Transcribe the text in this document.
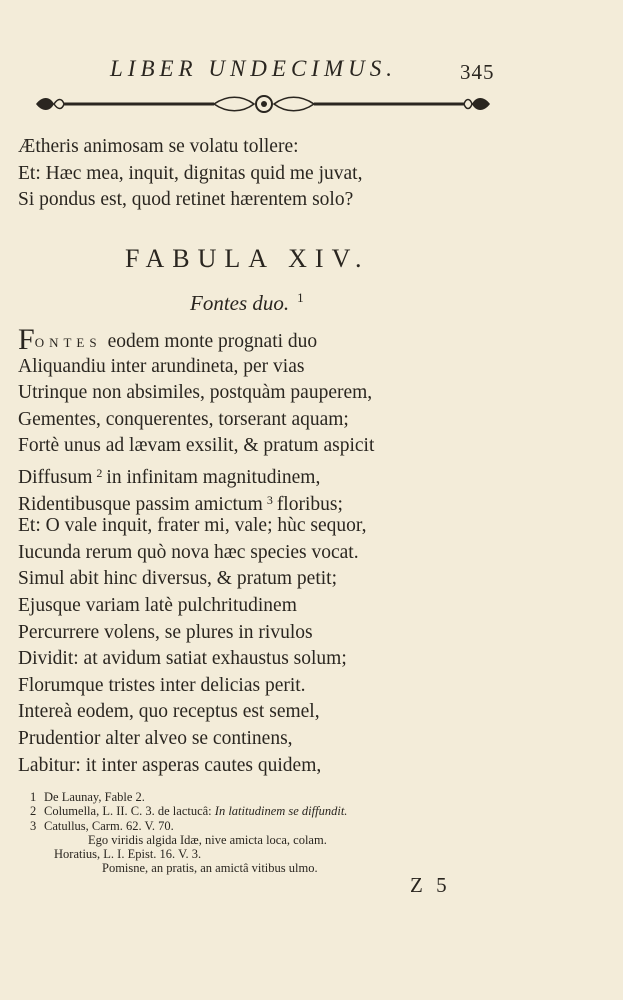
LIBER UNDECIMUS.	345
Ætheris animosam se volatu tollere:
Et: Hæc mea, inquit, dignitas quid me juvat,
Si pondus est, quod retinet hærentem solo?
FABULA XIV.
Fontes duo. $^1$
FONTES eodem monte prognati duo
Aliquandiu inter arundineta, per vias
Utrinque non absimiles, postquàm pauperem,
Gementes, conquerentes, torserant aquam;
Fortè unus ad lævam exsilit, & pratum aspicit
Diffusum $^2$ in infinitam magnitudinem,
Ridentibusque passim amictum $^3$ floribus;
Et: O vale inquit, frater mi, vale; hùc sequor,
Iucunda rerum quò nova hæc species vocat.
Simul abit hinc diversus, & pratum petit;
Ejusque variam latè pulchritudinem
Percurrere volens, se plures in rivulos
Dividit: at avidum satiat exhaustus solum;
Florumque tristes inter delicias perit.
Intereà eodem, quo receptus est semel,
Prudentior alter alveo se continens,
Labitur: it inter asperas cautes quidem,
1 De Launay, Fable 2.
2 Columella, L. II. C. 3. de lactucâ: In latitudinem se diffundit.
3 Catullus, Carm. 62. V. 70.
Ego viridis algida Idæ, nive amicta loca, colam.
Horatius, L. I. Epist. 16. V. 3.
Pomisne, an pratis, an amictâ vitibus ulmo.
Z 5
